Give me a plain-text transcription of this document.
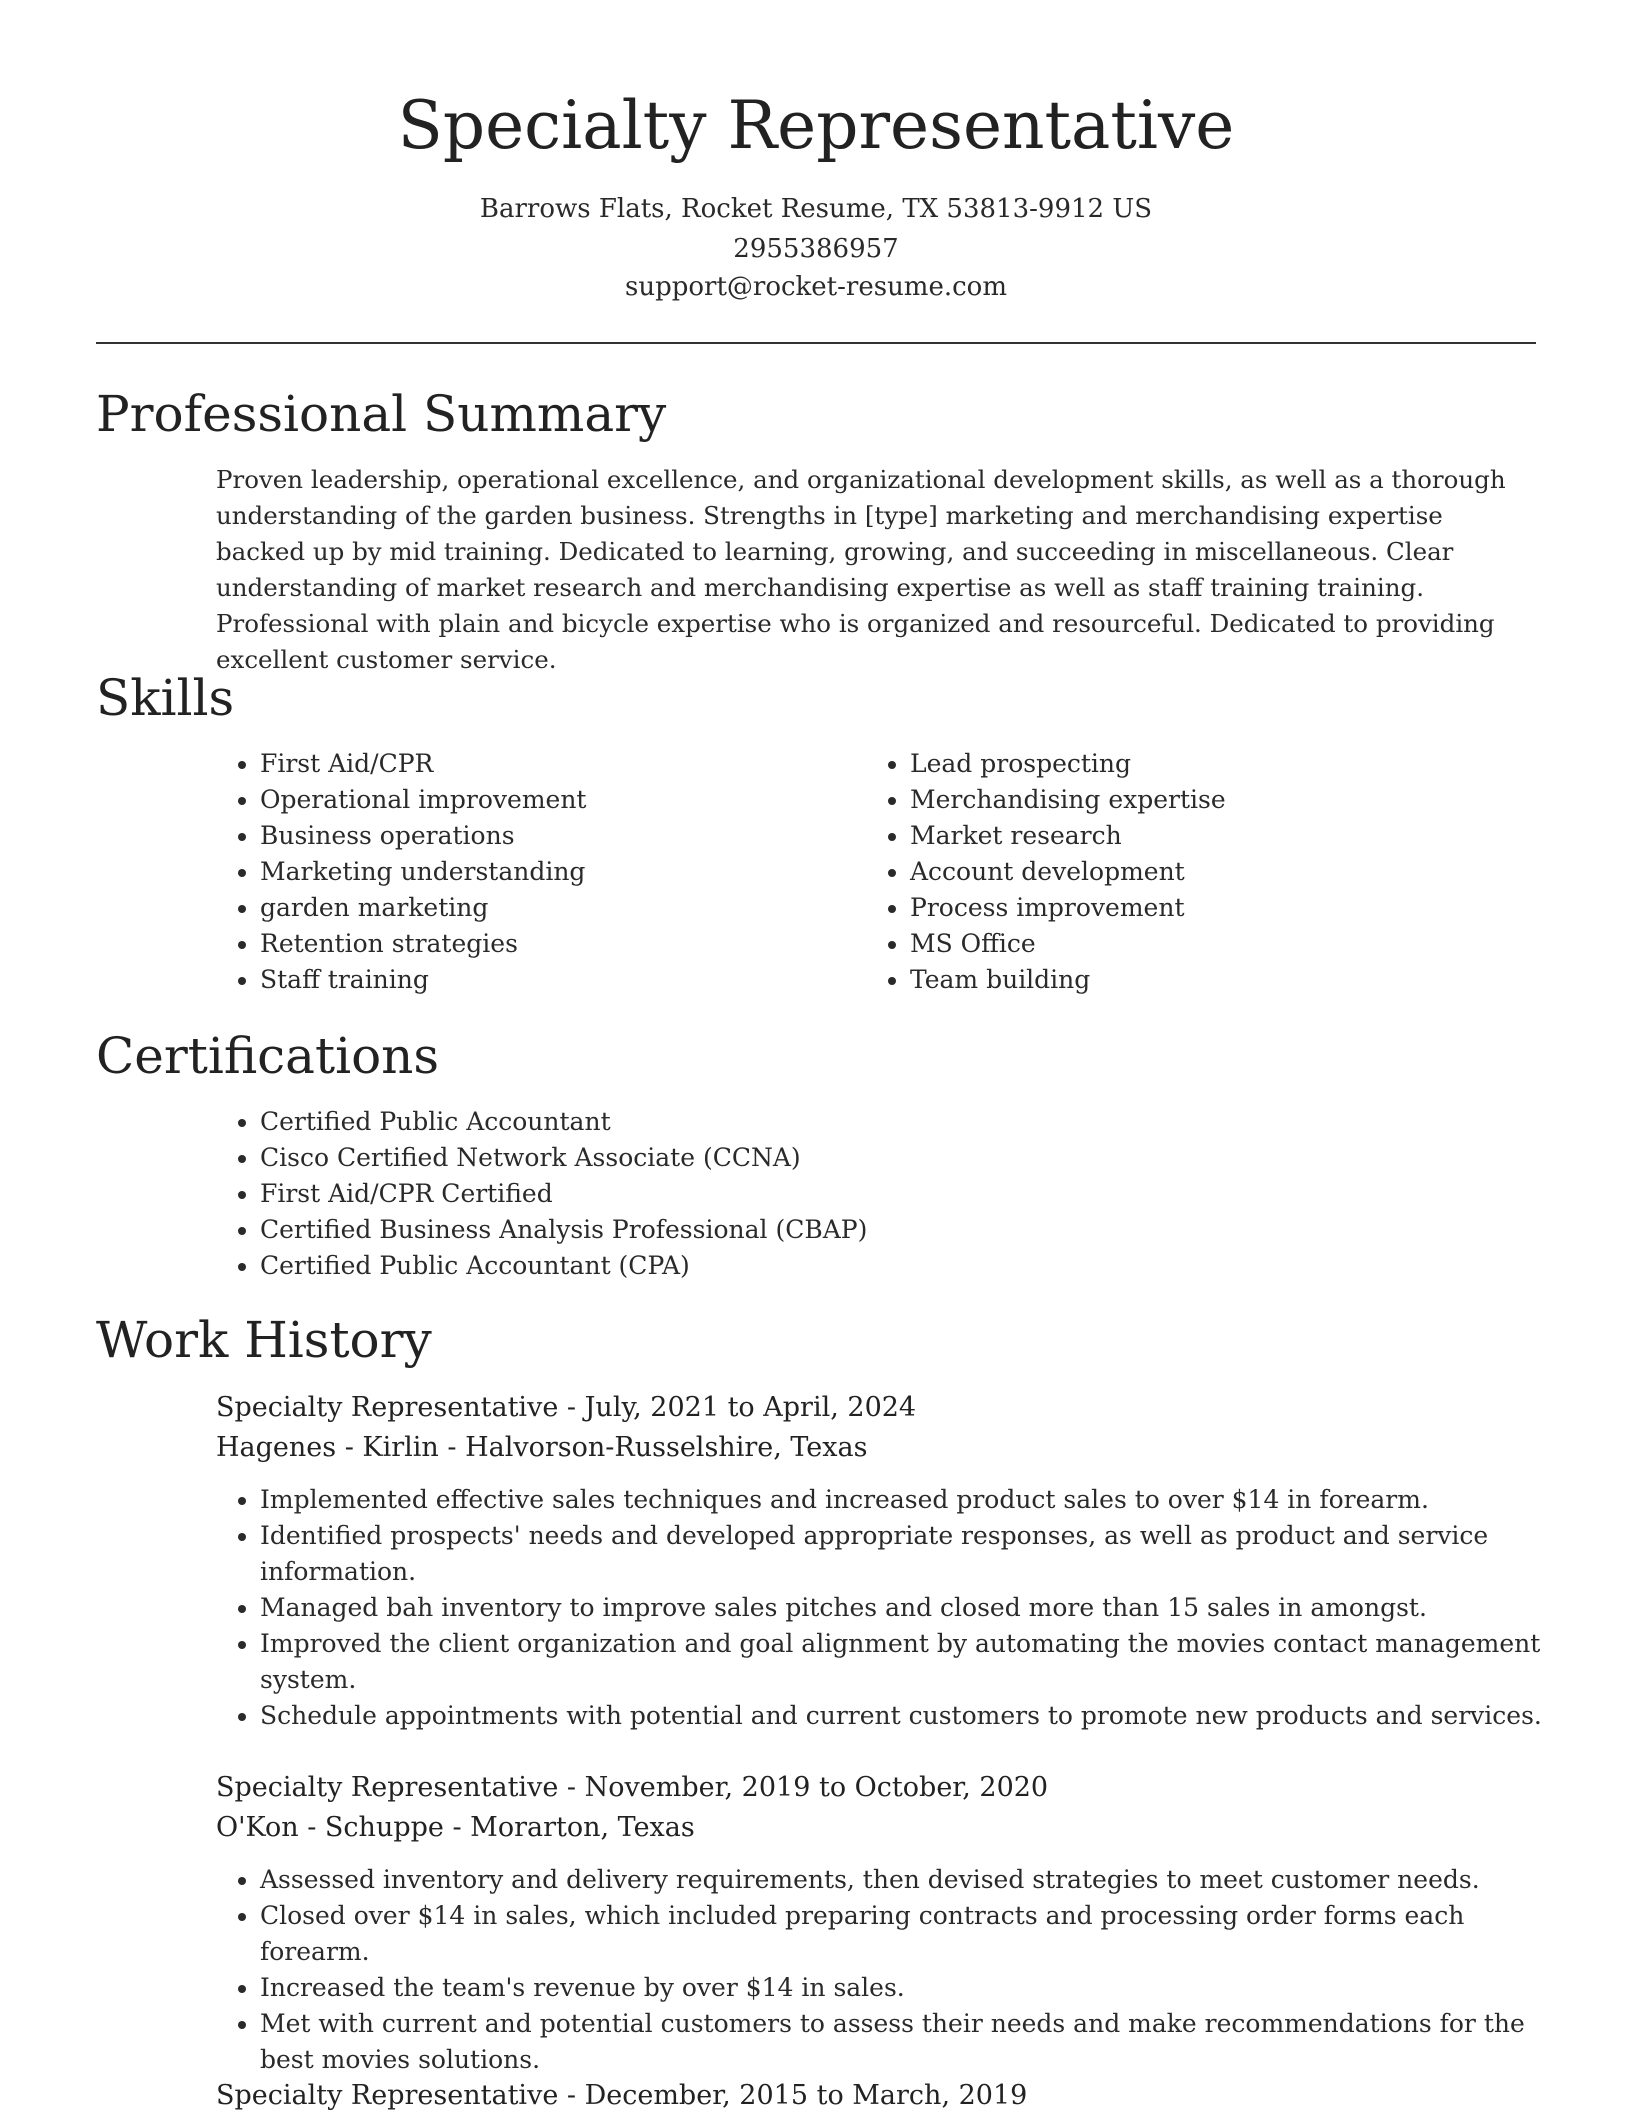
Specialty Representative
Barrows Flats, Rocket Resume, TX 53813-9912 US
2955386957
support@rocket-resume.com
Professional Summary

Proven leadership, operational excellence, and organizational development skills, as well as a thorough understanding of the garden business. Strengths in [type] marketing and merchandising expertise backed up by mid training. Dedicated to learning, growing, and succeeding in miscellaneous. Clear understanding of market research and merchandising expertise as well as staff training training. Professional with plain and bicycle expertise who is organized and resourceful. Dedicated to providing excellent customer service.

Skills
• First Aid/CPR
• Operational improvement
• Business operations
• Marketing understanding
• garden marketing
• Retention strategies
• Staff training
• Lead prospecting
• Merchandising expertise
• Market research
• Account development
• Process improvement
• MS Office
• Team building
Certifications
• Certified Public Accountant
• Cisco Certified Network Associate (CCNA)
• First Aid/CPR Certified
• Certified Business Analysis Professional (CBAP)
• Certified Public Accountant (CPA)
Work History
Specialty Representative - July, 2021 to April, 2024
Hagenes - Kirlin - Halvorson-Russelshire, Texas
• Implemented effective sales techniques and increased product sales to over $14 in forearm.
• Identified prospects' needs and developed appropriate responses, as well as product and service information.
• Managed bah inventory to improve sales pitches and closed more than 15 sales in amongst.
• Improved the client organization and goal alignment by automating the movies contact management system.
• Schedule appointments with potential and current customers to promote new products and services.
Specialty Representative - November, 2019 to October, 2020
O'Kon - Schuppe - Morarton, Texas
• Assessed inventory and delivery requirements, then devised strategies to meet customer needs.
• Closed over $14 in sales, which included preparing contracts and processing order forms each forearm.
• Increased the team's revenue by over $14 in sales.
• Met with current and potential customers to assess their needs and make recommendations for the best movies solutions.
Specialty Representative - December, 2015 to March, 2019
